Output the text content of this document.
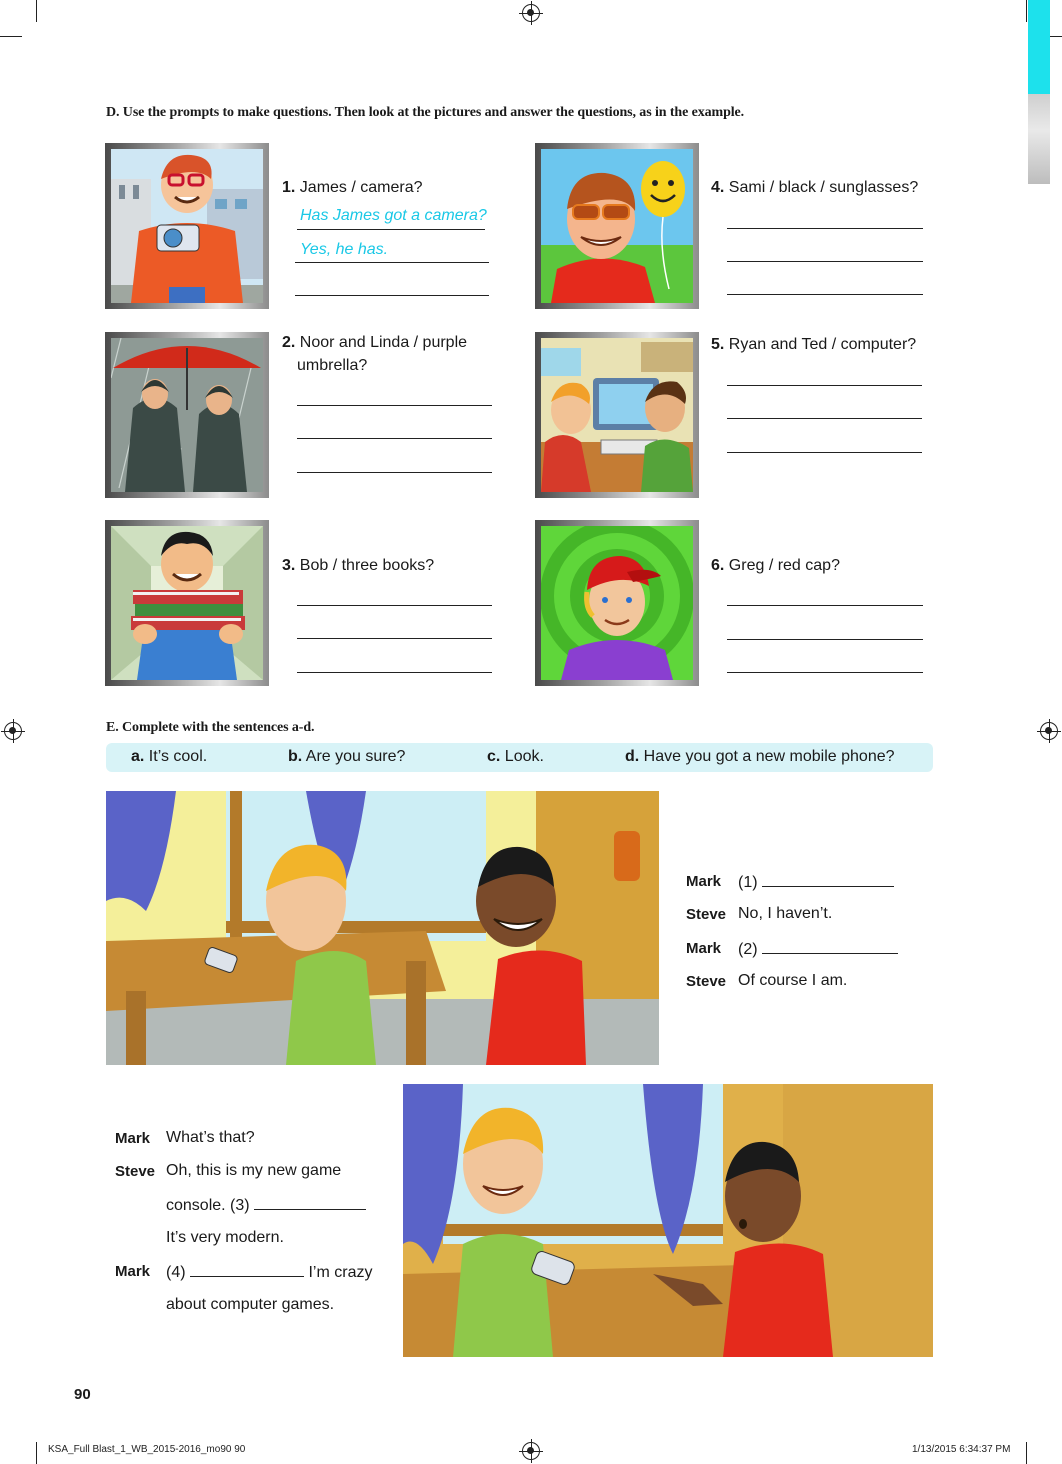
D. Use the prompts to make questions. Then look at the pictures and answer the questions, as in the example.
1. James / camera?
Has James got a camera?
Yes, he has.
4. Sami / black / sunglasses?
2. Noor and Linda / purple
umbrella?
5. Ryan and Ted / computer?
3. Bob / three books?	6. Greg / red cap?
E. Complete with the sentences a-d.
a. It’s cool.	b. Are you sure?	c. Look.	d. Have you got a new mobile phone?
Mark (1)
Steve No, I haven’t.
Mark (2)
Steve Of course I am.
Mark What’s that?
Steve Oh, this is my new game
console. (3)
It’s very modern.
Mark (4)	I’m crazy
about computer games.
90
KSA_Full Blast_1_WB_2015-2016_mo90 90	1/13/2015 6:34:37 PM
